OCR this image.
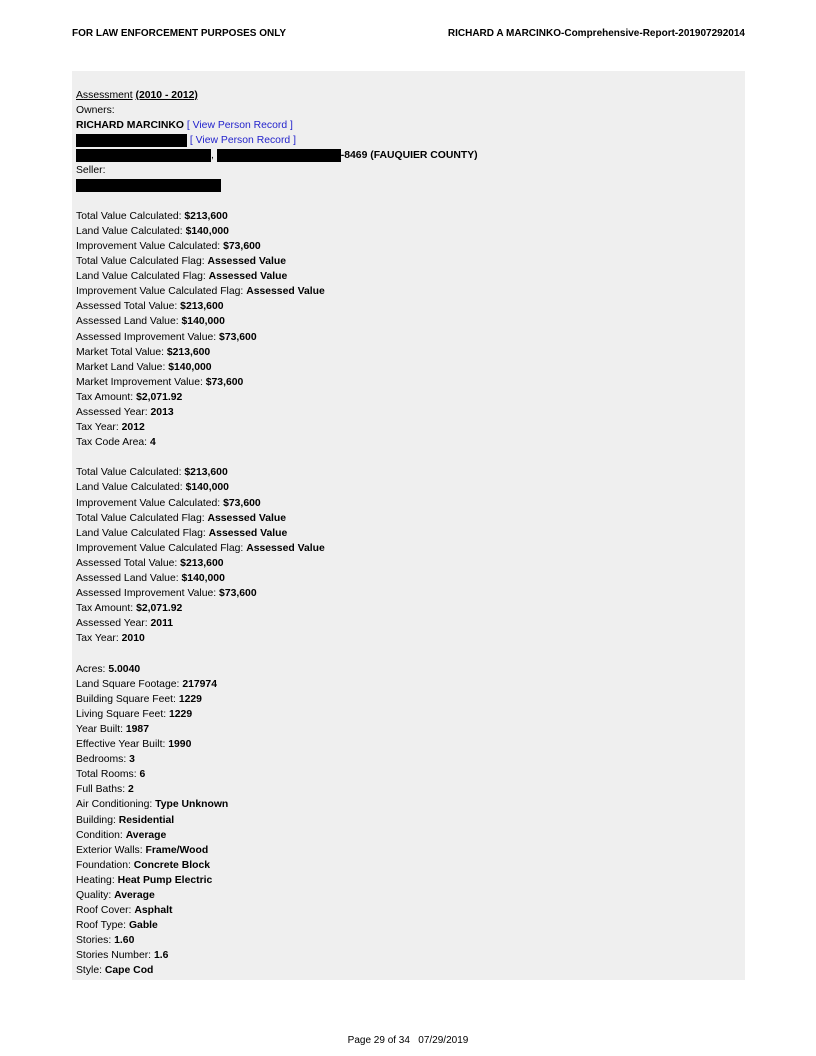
FOR LAW ENFORCEMENT PURPOSES ONLY	RICHARD A MARCINKO-Comprehensive-Report-201907292014
Assessment (2010 - 2012)
Owners:
RICHARD MARCINKO [ View Person Record ]
[ View Person Record ]
,	-8469 (FAUQUIER COUNTY)
Seller:
Total Value Calculated: $213,600
Land Value Calculated: $140,000
Improvement Value Calculated: $73,600
Total Value Calculated Flag: Assessed Value
Land Value Calculated Flag: Assessed Value
Improvement Value Calculated Flag: Assessed Value
Assessed Total Value: $213,600
Assessed Land Value: $140,000
Assessed Improvement Value: $73,600
Market Total Value: $213,600
Market Land Value: $140,000
Market Improvement Value: $73,600
Tax Amount: $2,071.92
Assessed Year: 2013
Tax Year: 2012
Tax Code Area: 4
Total Value Calculated: $213,600
Land Value Calculated: $140,000
Improvement Value Calculated: $73,600
Total Value Calculated Flag: Assessed Value
Land Value Calculated Flag: Assessed Value
Improvement Value Calculated Flag: Assessed Value
Assessed Total Value: $213,600
Assessed Land Value: $140,000
Assessed Improvement Value: $73,600
Tax Amount: $2,071.92
Assessed Year: 2011
Tax Year: 2010
Acres: 5.0040
Land Square Footage: 217974
Building Square Feet: 1229
Living Square Feet: 1229
Year Built: 1987
Effective Year Built: 1990
Bedrooms: 3
Total Rooms: 6
Full Baths: 2
Air Conditioning: Type Unknown
Building: Residential
Condition: Average
Exterior Walls: Frame/Wood
Foundation: Concrete Block
Heating: Heat Pump Electric
Quality: Average
Roof Cover: Asphalt
Roof Type: Gable
Stories: 1.60
Stories Number: 1.6
Style: Cape Cod
Page 29 of 34 07/29/2019
